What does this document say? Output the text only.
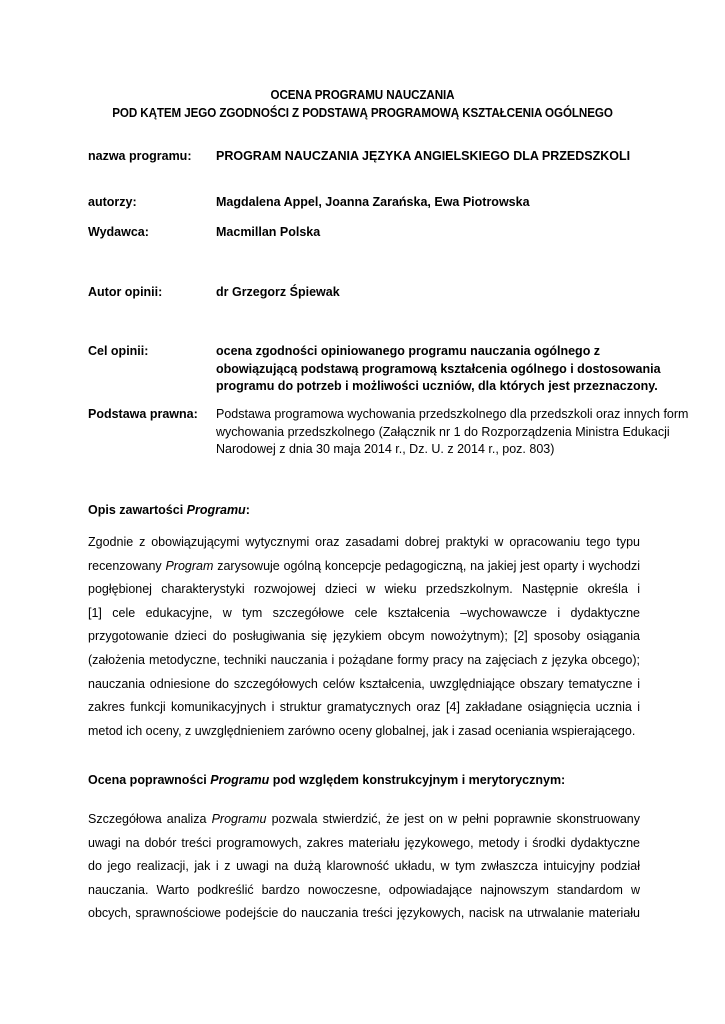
OCENA PROGRAMU NAUCZANIA
POD KĄTEM JEGO ZGODNOŚCI Z PODSTAWĄ PROGRAMOWĄ KSZTAŁCENIA OGÓLNEGO
nazwa programu: PROGRAM NAUCZANIA JĘZYKA ANGIELSKIEGO DLA PRZEDSZKOLI
autorzy:	Magdalena Appel, Joanna Zarańska, Ewa Piotrowska
Wydawca:	Macmillan Polska
Autor opinii:	dr Grzegorz Śpiewak
Cel opinii:	ocena zgodności opiniowanego programu nauczania ogólnego z
obowiązującą podstawą programową kształcenia ogólnego i dostosowania
programu do potrzeb i możliwości uczniów, dla których jest przeznaczony.
Podstawa prawna: Podstawa programowa wychowania przedszkolnego dla przedszkoli oraz innych form
wychowania przedszkolnego (Załącznik nr 1 do Rozporządzenia Ministra Edukacji
Narodowej z dnia 30 maja 2014 r., Dz. U. z 2014 r., poz. 803)
Opis zawartości Programu:
Zgodnie z obowiązującymi wytycznymi oraz zasadami dobrej praktyki w opracowaniu tego typu
recenzowany Program zarysowuje ogólną koncepcje pedagogiczną, na jakiej jest oparty i wychodzi
pogłębionej charakterystyki rozwojowej dzieci w wieku przedszkolnym. Następnie określa i
[1] cele edukacyjne, w tym szczegółowe cele kształcenia –wychowawcze i dydaktyczne
przygotowanie dzieci do posługiwania się językiem obcym nowożytnym); [2] sposoby osiągania
(założenia metodyczne, techniki nauczania i pożądane formy pracy na zajęciach z języka obcego);
nauczania odniesione do szczegółowych celów kształcenia, uwzględniające obszary tematyczne i
zakres funkcji komunikacyjnych i struktur gramatycznych oraz [4] zakładane osiągnięcia ucznia i
metod ich oceny, z uwzględnieniem zarówno oceny globalnej, jak i zasad oceniania wspierającego.
Ocena poprawności Programu pod względem konstrukcyjnym i merytorycznym:
Szczegółowa analiza Programu pozwala stwierdzić, że jest on w pełni poprawnie skonstruowany
uwagi na dobór treści programowych, zakres materiału językowego, metody i środki dydaktyczne
do jego realizacji, jak i z uwagi na dużą klarowność układu, w tym zwłaszcza intuicyjny podział
nauczania. Warto podkreślić bardzo nowoczesne, odpowiadające najnowszym standardom w
obcych, sprawnościowe podejście do nauczania treści językowych, nacisk na utrwalanie materiału
